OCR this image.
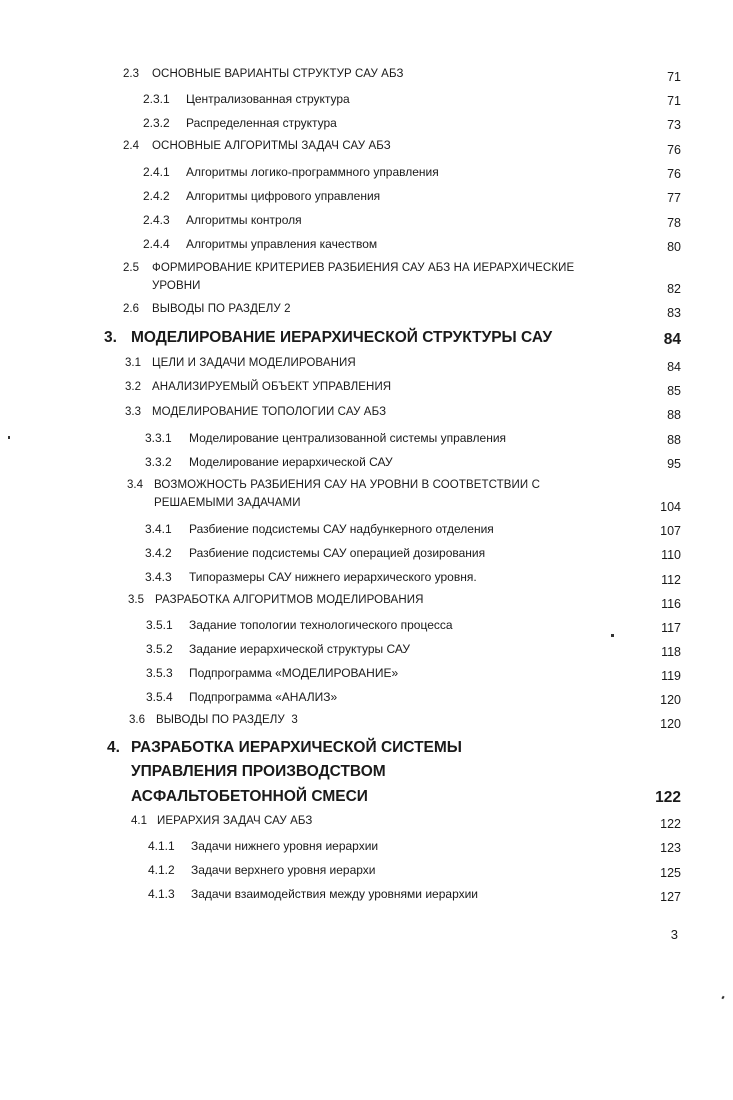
2.3 ОСНОВНЫЕ ВАРИАНТЫ СТРУКТУР САУ АБЗ	71
2.3.1 Централизованная структура	71
2.3.2 Распределенная структура	73
2.4 ОСНОВНЫЕ АЛГОРИТМЫ ЗАДАЧ САУ АБЗ	76
2.4.1 Алгоритмы логико-программного управления	76
2.4.2 Алгоритмы цифрового управления	77
2.4.3 Алгоритмы контроля	78
2.4.4 Алгоритмы управления качеством	80
2.5 ФОРМИРОВАНИЕ КРИТЕРИЕВ РАЗБИЕНИЯ САУ АБЗ НА ИЕРАРХИЧЕСКИЕ
УРОВНИ	82
2.6 ВЫВОДЫ ПО РАЗДЕЛУ 2	83
3. МОДЕЛИРОВАНИЕ ИЕРАРХИЧЕСКОЙ СТРУКТУРЫ САУ	84
3.1 ЦЕЛИ И ЗАДАЧИ МОДЕЛИРОВАНИЯ	84
3.2 АНАЛИЗИРУЕМЫЙ ОБЪЕКТ УПРАВЛЕНИЯ	85
3.3 МОДЕЛИРОВАНИЕ ТОПОЛОГИИ САУ АБЗ	88
3.3.1 Моделирование централизованной системы управления	88
3.3.2 Моделирование иерархической САУ	95
3.4 ВОЗМОЖНОСТЬ РАЗБИЕНИЯ САУ НА УРОВНИ В СООТВЕТСТВИИ С
РЕШАЕМЫМИ ЗАДАЧАМИ	104
3.4.1 Разбиение подсистемы САУ надбункерного отделения	107
3.4.2 Разбиение подсистемы САУ операцией дозирования	110
3.4.3 Типоразмеры САУ нижнего иерархического уровня.	112
3.5 РАЗРАБОТКА АЛГОРИТМОВ МОДЕЛИРОВАНИЯ	116
3.5.1 Задание топологии технологического процесса	117
3.5.2 Задание иерархической структуры САУ	118
3.5.3 Подпрограмма «МОДЕЛИРОВАНИЕ»	119
3.5.4 Подпрограмма «АНАЛИЗ»	120
3.6 ВЫВОДЫ ПО РАЗДЕЛУ  3	120
4. РАЗРАБОТКА ИЕРАРХИЧЕСКОЙ СИСТЕМЫ
УПРАВЛЕНИЯ ПРОИЗВОДСТВОМ
АСФАЛЬТОБЕТОННОЙ СМЕСИ	122
4.1 ИЕРАРХИЯ ЗАДАЧ САУ АБЗ	122
4.1.1 Задачи нижнего уровня иерархии	123
4.1.2 Задачи верхнего уровня иерархи	125
4.1.3 Задачи взаимодействия между уровнями иерархии	127
3
